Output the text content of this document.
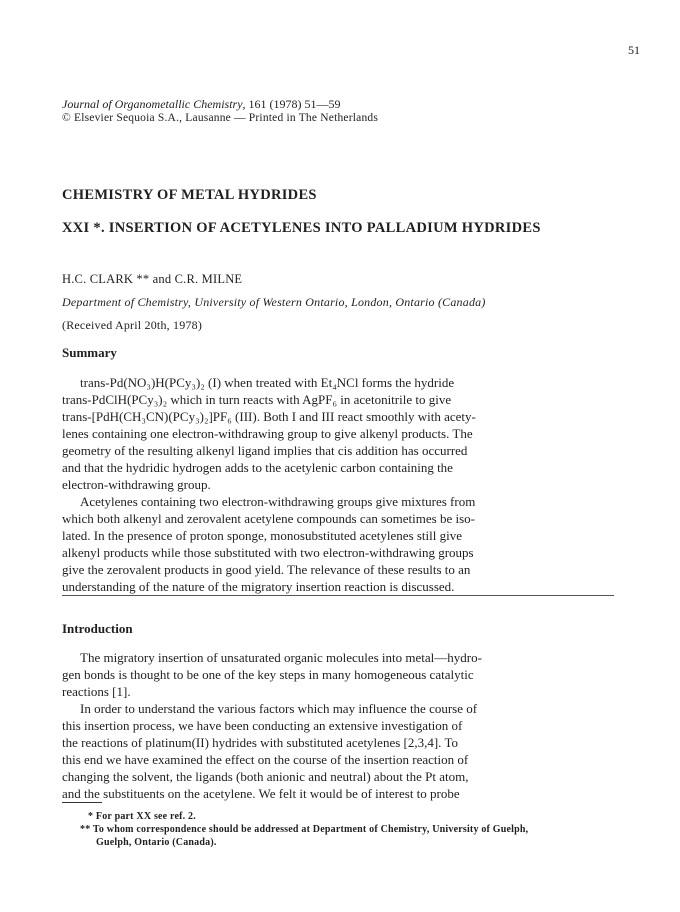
51
Journal of Organometallic Chemistry, 161 (1978) 51—59
© Elsevier Sequoia S.A., Lausanne — Printed in The Netherlands
CHEMISTRY OF METAL HYDRIDES
XXI *. INSERTION OF ACETYLENES INTO PALLADIUM HYDRIDES
H.C. CLARK ** and C.R. MILNE
Department of Chemistry, University of Western Ontario, London, Ontario (Canada)
(Received April 20th, 1978)
Summary
trans-Pd(NO₃)H(PCy₃)₂ (I) when treated with Et₄NCl forms the hydride
trans-PdClH(PCy₃)₂ which in turn reacts with AgPF₆ in acetonitrile to give
trans-[PdH(CH₃CN)(PCy₃)₂]PF₆ (III). Both I and III react smoothly with acety-
lenes containing one electron-withdrawing group to give alkenyl products. The
geometry of the resulting alkenyl ligand implies that cis addition has occurred
and that the hydridic hydrogen adds to the acetylenic carbon containing the
electron-withdrawing group.
Acetylenes containing two electron-withdrawing groups give mixtures from
which both alkenyl and zerovalent acetylene compounds can sometimes be iso-
lated. In the presence of proton sponge, monosubstituted acetylenes still give
alkenyl products while those substituted with two electron-withdrawing groups
give the zerovalent products in good yield. The relevance of these results to an
understanding of the nature of the migratory insertion reaction is discussed.
Introduction
The migratory insertion of unsaturated organic molecules into metal—hydro-
gen bonds is thought to be one of the key steps in many homogeneous catalytic
reactions [1].
In order to understand the various factors which may influence the course of
this insertion process, we have been conducting an extensive investigation of
the reactions of platinum(II) hydrides with substituted acetylenes [2,3,4]. To
this end we have examined the effect on the course of the insertion reaction of
changing the solvent, the ligands (both anionic and neutral) about the Pt atom,
and the substituents on the acetylene. We felt it would be of interest to probe
* For part XX see ref. 2.
** To whom correspondence should be addressed at Department of Chemistry, University of Guelph,
Guelph, Ontario (Canada).
